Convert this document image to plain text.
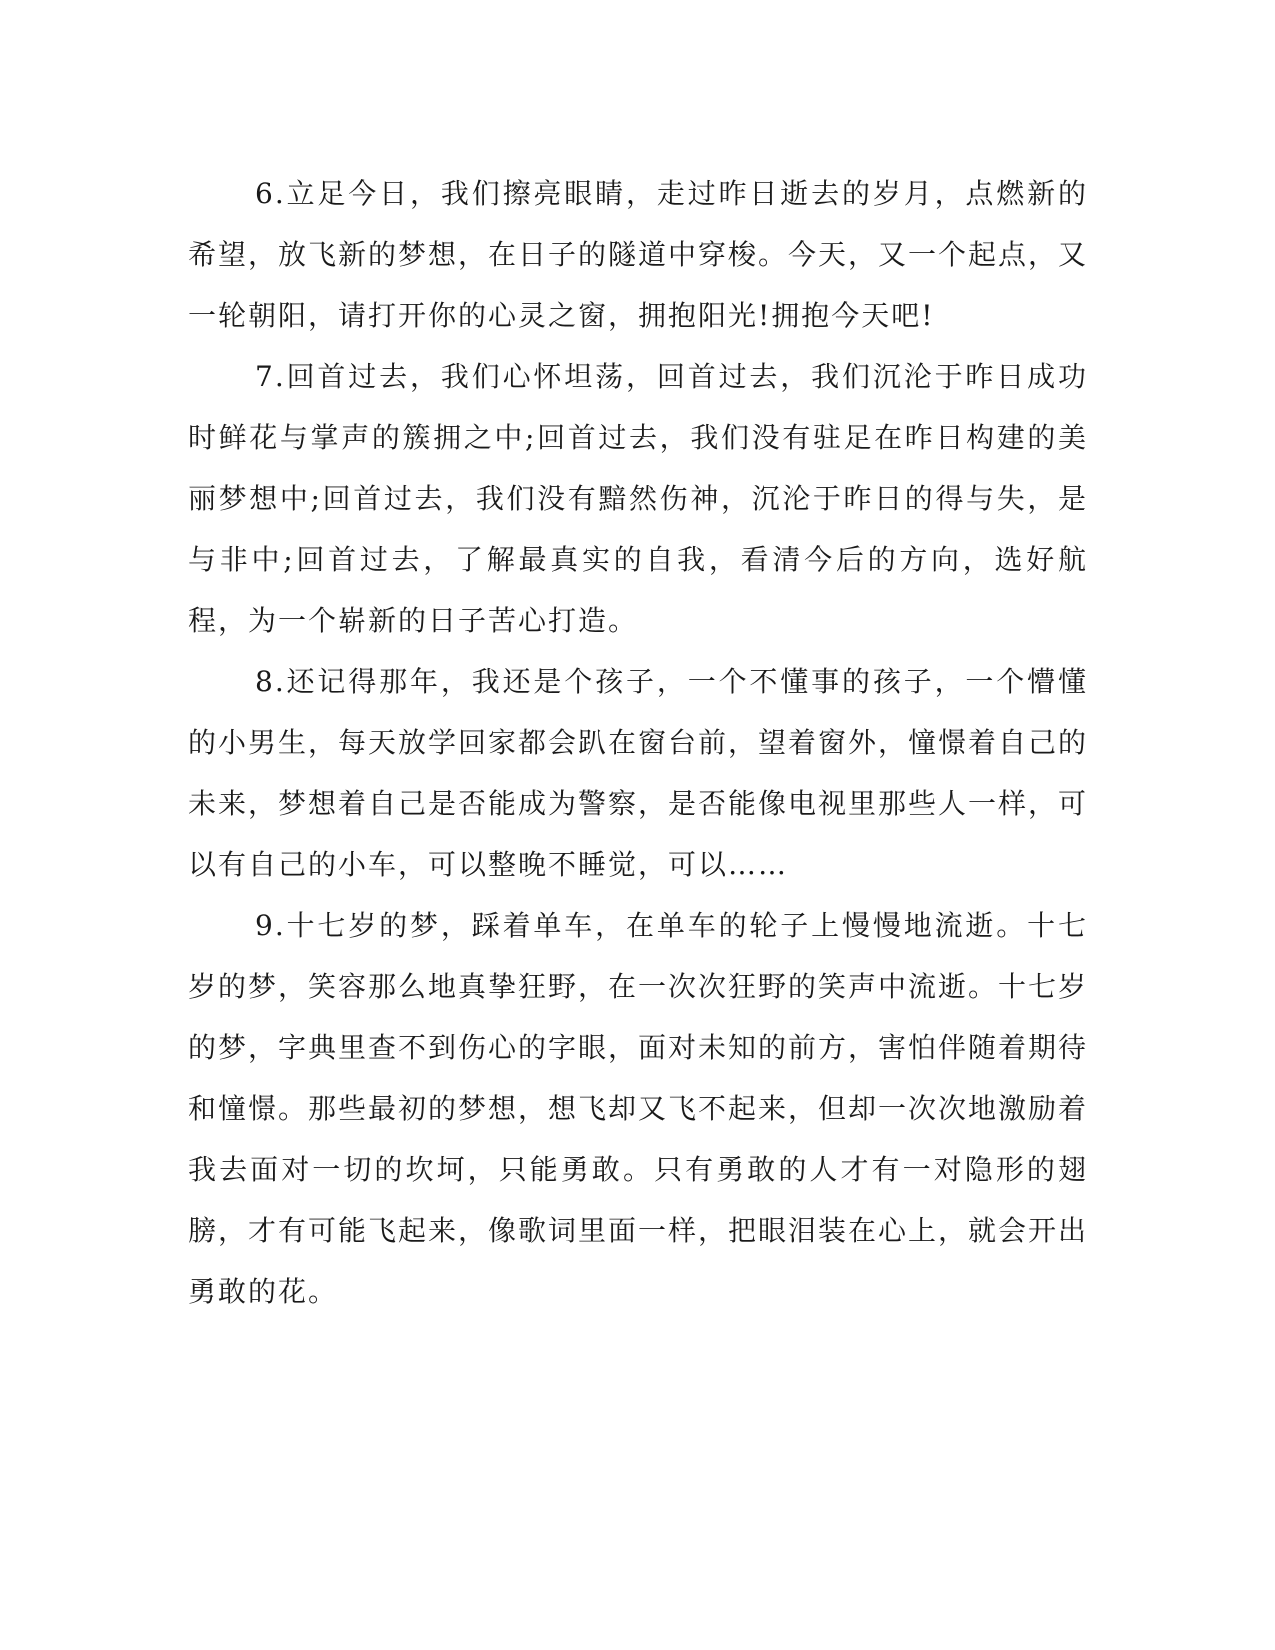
6.立足今日，我们擦亮眼睛，走过昨日逝去的岁月，点燃新的希望，放飞新的梦想，在日子的隧道中穿梭。今天，又一个起点，又一轮朝阳，请打开你的心灵之窗，拥抱阳光!拥抱今天吧!

7.回首过去，我们心怀坦荡，回首过去，我们沉沦于昨日成功时鲜花与掌声的簇拥之中;回首过去，我们没有驻足在昨日构建的美丽梦想中;回首过去，我们没有黯然伤神，沉沦于昨日的得与失，是与非中;回首过去，了解最真实的自我，看清今后的方向，选好航程，为一个崭新的日子苦心打造。

8.还记得那年，我还是个孩子，一个不懂事的孩子，一个懵懂的小男生，每天放学回家都会趴在窗台前，望着窗外，憧憬着自己的未来，梦想着自己是否能成为警察，是否能像电视里那些人一样，可以有自己的小车，可以整晚不睡觉，可以……

9.十七岁的梦，踩着单车，在单车的轮子上慢慢地流逝。十七岁的梦，笑容那么地真挚狂野，在一次次狂野的笑声中流逝。十七岁的梦，字典里查不到伤心的字眼，面对未知的前方，害怕伴随着期待和憧憬。那些最初的梦想，想飞却又飞不起来，但却一次次地激励着我去面对一切的坎坷，只能勇敢。只有勇敢的人才有一对隐形的翅膀，才有可能飞起来，像歌词里面一样，把眼泪装在心上，就会开出勇敢的花。
